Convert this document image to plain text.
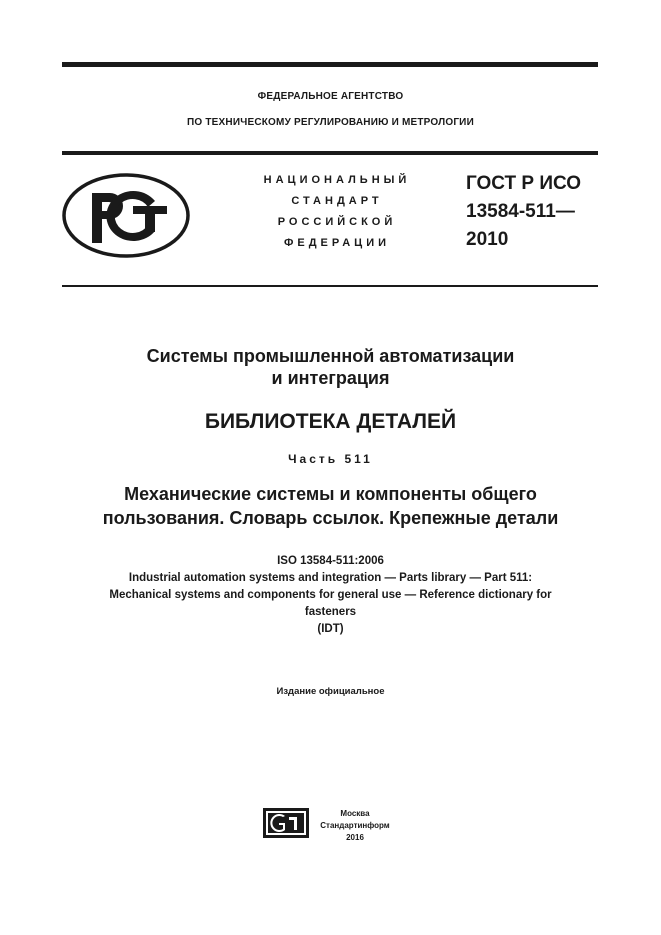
ФЕДЕРАЛЬНОЕ АГЕНТСТВО
ПО ТЕХНИЧЕСКОМУ РЕГУЛИРОВАНИЮ И МЕТРОЛОГИИ
НАЦИОНАЛЬНЫЙ
СТАНДАРТ
РОССИЙСКОЙ
ФЕДЕРАЦИИ
ГОСТ Р ИСО
13584-511—
2010
Системы промышленной автоматизации
и интеграция
БИБЛИОТЕКА ДЕТАЛЕЙ
Часть 511
Механические системы и компоненты общего
пользования. Словарь ссылок. Крепежные детали
ISO 13584-511:2006
Industrial automation systems and integration — Parts library — Part 511:
Mechanical systems and components for general use — Reference dictionary for
fasteners
(IDT)
Издание официальное
Москва
Стандартинформ
2016
